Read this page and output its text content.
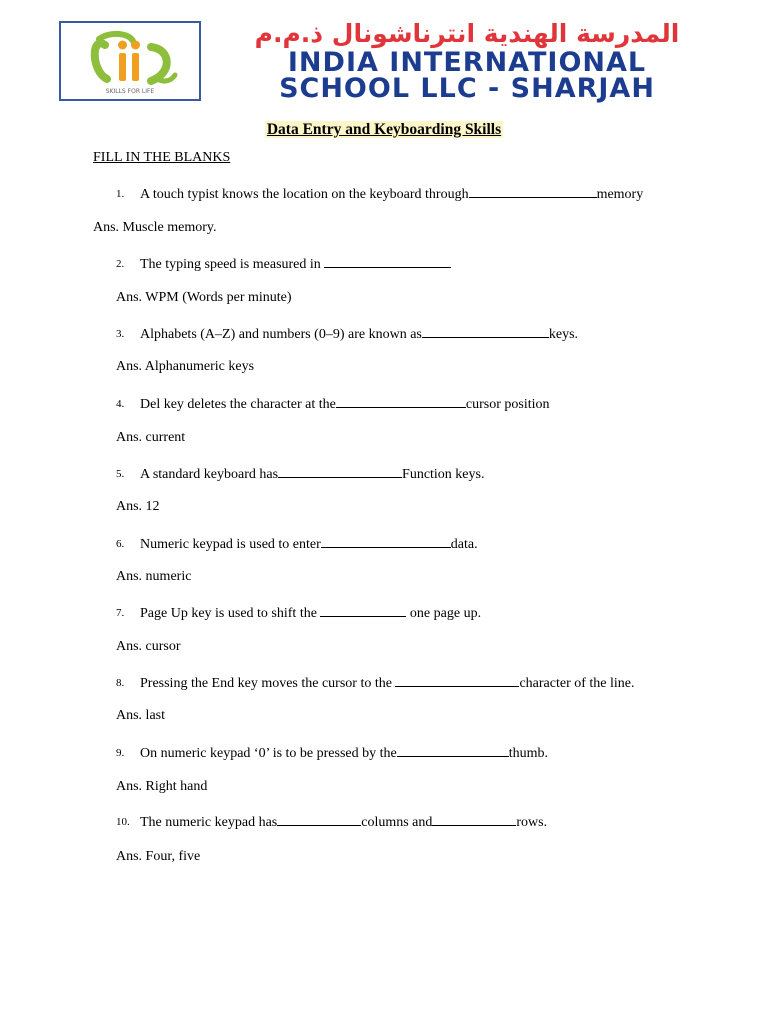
SKILLS FOR LIFE
المدرسة الهندية انترناشونال ذ.م.م
INDIA INTERNATIONAL
SCHOOL LLC - SHARJAH
Data Entry and Keyboarding Skills
FILL IN THE BLANKS
1. A touch typist knows the location on the keyboard through	memory
Ans. Muscle memory.
2. The typing speed is measured in
Ans. WPM (Words per minute)
3. Alphabets (A–Z) and numbers (0–9) are known as	keys.
Ans. Alphanumeric keys
4. Del key deletes the character at the	cursor position
Ans. current
5. A standard keyboard has	Function keys.
Ans. 12
6. Numeric keypad is used to enter	data.
Ans. numeric
7. Page Up key is used to shift the	one page up.
Ans. cursor
8. Pressing the End key moves the cursor to the	character of the line.
Ans. last
9. On numeric keypad ‘0’ is to be pressed by the	thumb.
Ans. Right hand
10. The numeric keypad has	columns and	rows.
Ans. Four, five
